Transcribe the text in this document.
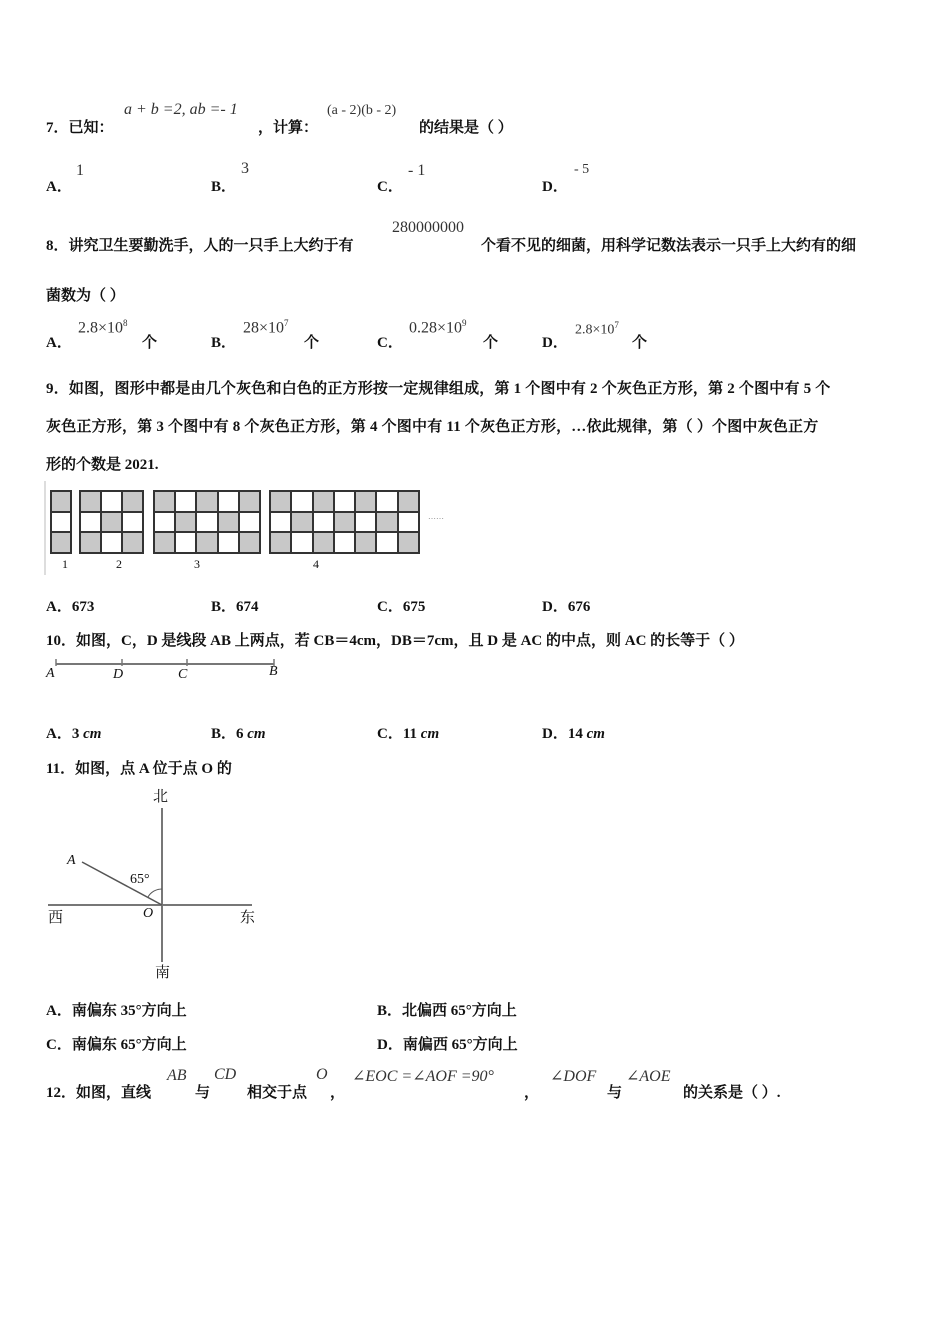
7．已知：
a + b =2, ab =- 1
，计算：
(a - 2)(b - 2)
的结果是（ ）
A．
1
B．
3
C．
- 1
D．
- 5
8．讲究卫生要勤洗手，人的一只手上大约于有
280000000
个看不见的细菌，用科学记数法表示一只手上大约有的细
菌数为（ ）
A．
$2.8\times 10^8$
个	B．
$28\times 10^7$
个	C．
$0.28\times 10^9$
个	D．
$2.8\times 10^7$
个
9．如图，图形中都是由几个灰色和白色的正方形按一定规律组成，第 1 个图中有 2 个灰色正方形，第 2 个图中有 5 个
灰色正方形，第 3 个图中有 8 个灰色正方形，第 4 个图中有 11 个灰色正方形，…依此规律，第（ ）个图中灰色正方
形的个数是 2021.
1	2	3	4
……
A．673	B．674	C．675	D．676
10．如图，C，D 是线段 AB 上两点，若 CB＝4cm，DB＝7cm，且 D 是 AC 的中点，则 AC 的长等于（ ）
A	D	C	B
A．3 cm	B．6 cm	C．11 cm	D．14 cm
11．如图，点 A 位于点 O 的
北
南
西	东
A
O
65°
A．南偏东 35°方向上	B．北偏西 65°方向上
C．南偏东 65°方向上	D．南偏西 65°方向上
12．如图，直线
AB
与
CD
相交于点
O
，
∠EOC =∠AOF =90°
，
∠DOF
与
∠AOE
的关系是（ ）.
